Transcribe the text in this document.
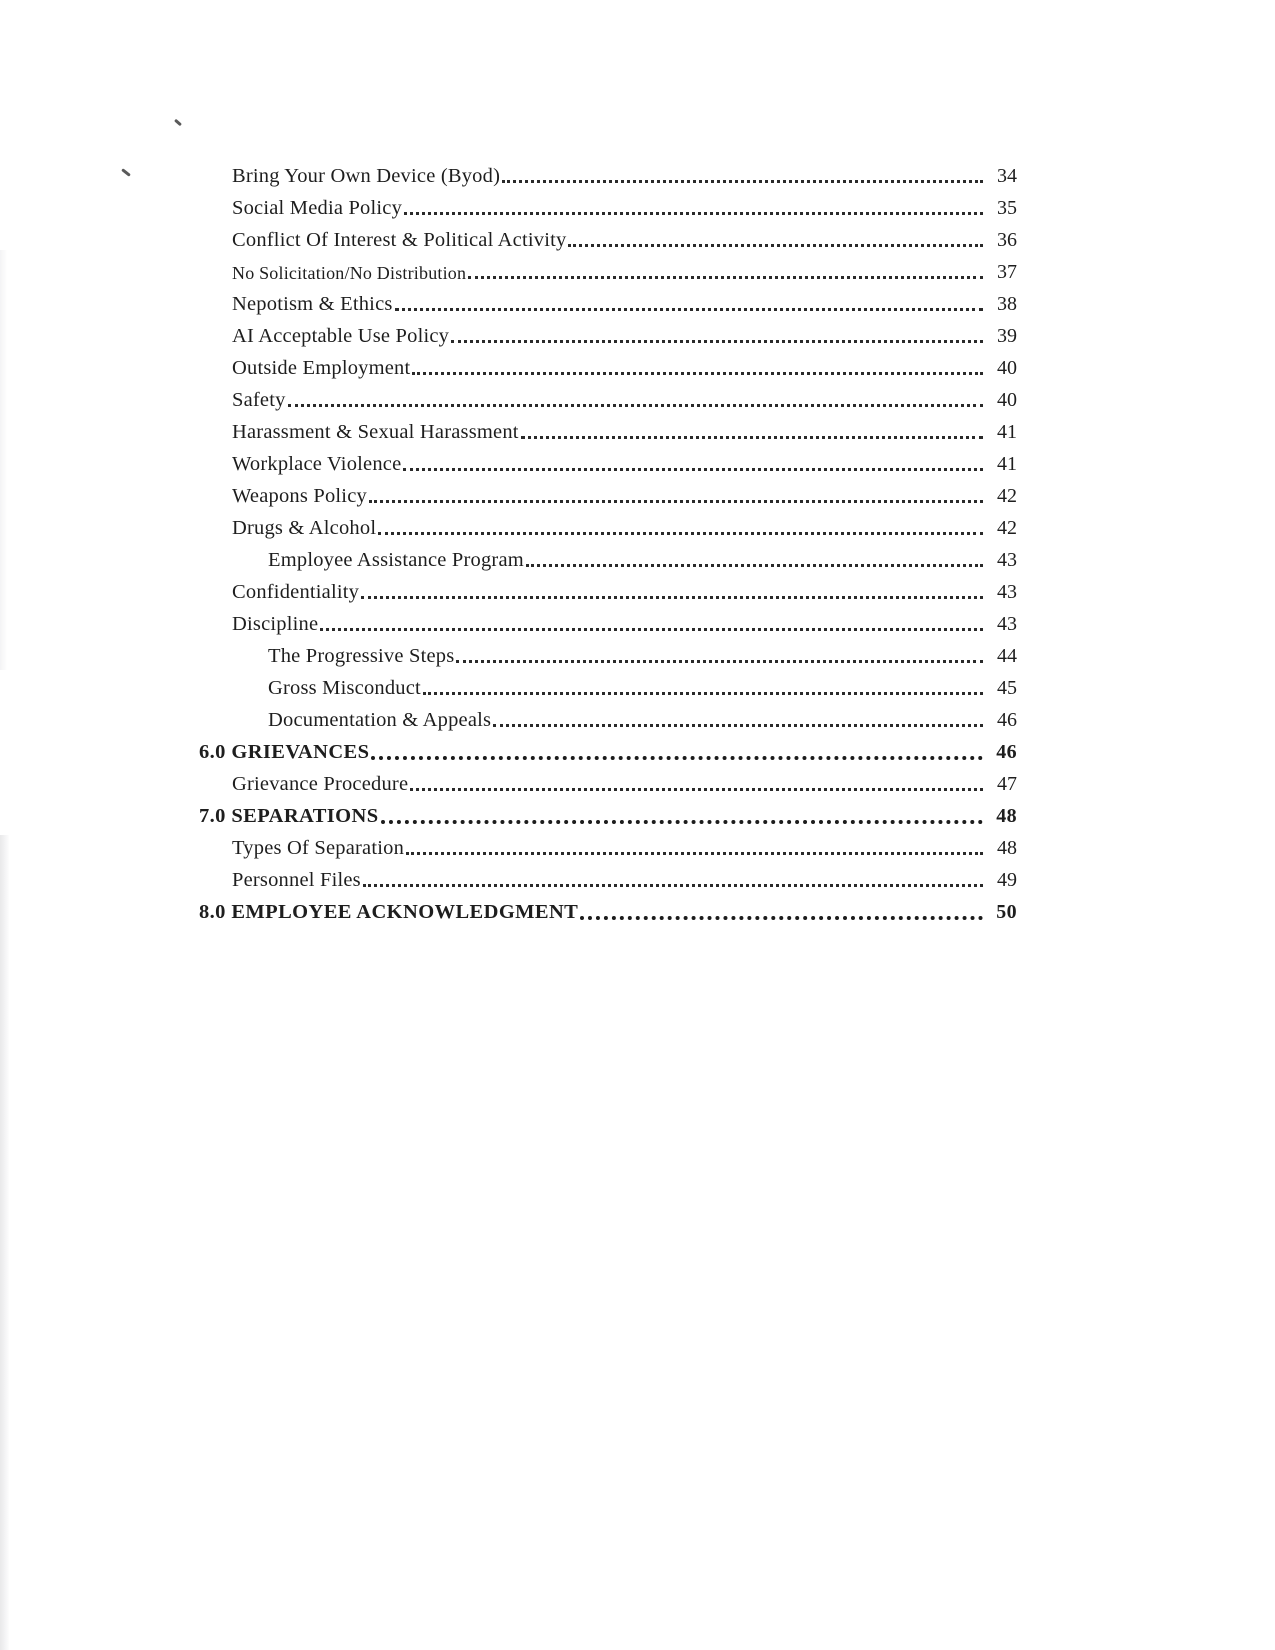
Bring Your Own Device (Byod)	34
Social Media Policy	35
Conflict Of Interest & Political Activity	36
No Solicitation/No Distribution	37
Nepotism & Ethics	38
AI Acceptable Use Policy	39
Outside Employment	40
Safety	40
Harassment & Sexual Harassment	41
Workplace Violence	41
Weapons Policy	42
Drugs & Alcohol	42
Employee Assistance Program	43
Confidentiality	43
Discipline	43
The Progressive Steps	44
Gross Misconduct	45
Documentation & Appeals	46
6.0 GRIEVANCES	46
Grievance Procedure	47
7.0 SEPARATIONS	48
Types Of Separation	48
Personnel Files	49
8.0 EMPLOYEE ACKNOWLEDGMENT	50
